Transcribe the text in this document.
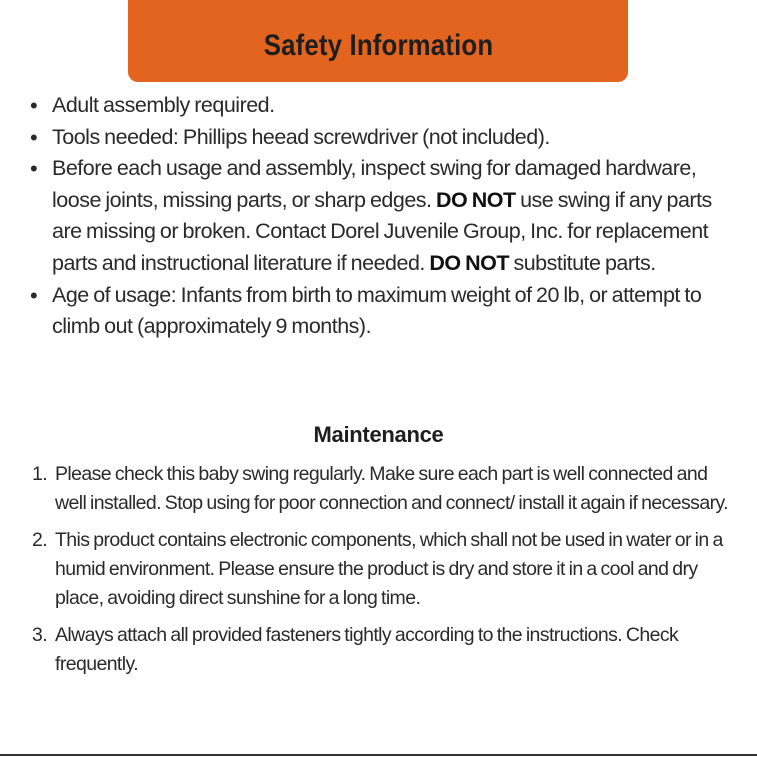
Safety Information
• Adult assembly required.
• Tools needed: Phillips heead screwdriver (not included).
• Before each usage and assembly, inspect swing for damaged hardware, loose joints, missing parts, or sharp edges. DO NOT use swing if any parts are missing or broken. Contact Dorel Juvenile Group, Inc. for replacement parts and instructional literature if needed. DO NOT substitute parts.
• Age of usage: Infants from birth to maximum weight of 20 lb, or attempt to climb out (approximately 9 months).
Maintenance
1. Please check this baby swing regularly. Make sure each part is well connected and well installed. Stop using for poor connection and connect/ install it again if necessary.
2. This product contains electronic components, which shall not be used in water or in a humid environment. Please ensure the product is dry and store it in a cool and dry place, avoiding direct sunshine for a long time.
3. Always attach all provided fasteners tightly according to the instructions. Check frequently.
